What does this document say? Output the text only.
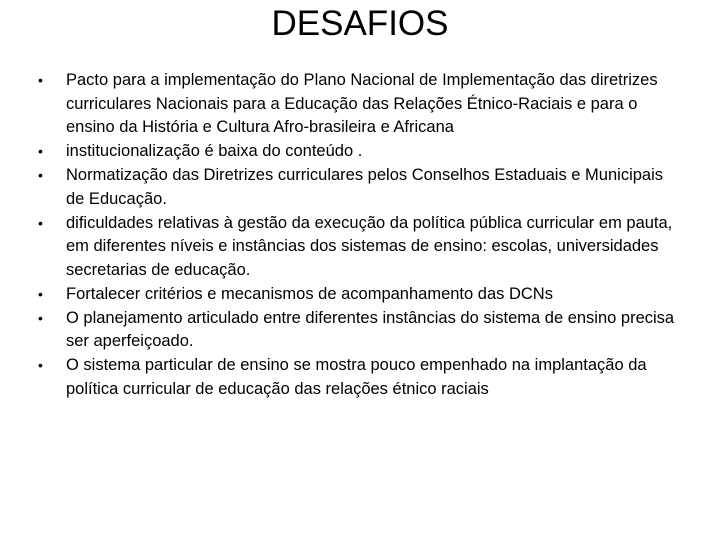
DESAFIOS
• Pacto para a implementação do Plano Nacional de Implementação das diretrizes curriculares Nacionais para a Educação das Relações Étnico-Raciais e para o ensino da História e Cultura Afro-brasileira e Africana
• institucionalização é baixa do conteúdo .
• Normatização das Diretrizes curriculares pelos Conselhos Estaduais e Municipais de Educação.
• dificuldades relativas à gestão da execução da política pública curricular em pauta, em diferentes níveis e instâncias dos sistemas de ensino: escolas, universidades secretarias de educação.
• Fortalecer critérios e mecanismos de acompanhamento das DCNs
• O planejamento articulado entre diferentes instâncias do sistema de ensino precisa ser aperfeiçoado.
• O sistema particular de ensino se mostra pouco empenhado na implantação da política curricular de educação das relações étnico raciais
